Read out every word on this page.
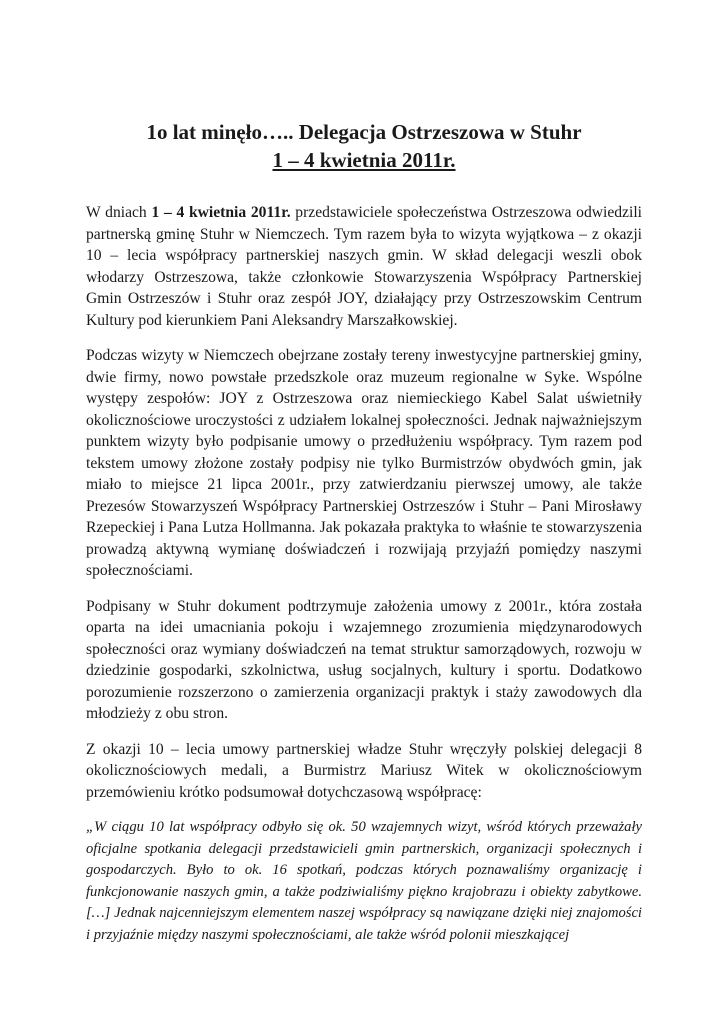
1o lat minęło….. Delegacja Ostrzeszowa w Stuhr
1 – 4 kwietnia 2011r.

W dniach 1 – 4 kwietnia 2011r. przedstawiciele społeczeństwa Ostrzeszowa odwiedzili partnerską gminę Stuhr w Niemczech. Tym razem była to wizyta wyjątkowa – z okazji 10 – lecia współpracy partnerskiej naszych gmin. W skład delegacji weszli obok włodarzy Ostrzeszowa, także członkowie Stowarzyszenia Współpracy Partnerskiej Gmin Ostrzeszów i Stuhr oraz zespół JOY, działający przy Ostrzeszowskim Centrum Kultury pod kierunkiem Pani Aleksandry Marszałkowskiej.

Podczas wizyty w Niemczech obejrzane zostały tereny inwestycyjne partnerskiej gminy, dwie firmy, nowo powstałe przedszkole oraz muzeum regionalne w Syke. Wspólne występy zespołów: JOY z Ostrzeszowa oraz niemieckiego Kabel Salat uświetniły okolicznościowe uroczystości z udziałem lokalnej społeczności. Jednak najważniejszym punktem wizyty było podpisanie umowy o przedłużeniu współpracy. Tym razem pod tekstem umowy złożone zostały podpisy nie tylko Burmistrzów obydwóch gmin, jak miało to miejsce 21 lipca 2001r., przy zatwierdzaniu pierwszej umowy, ale także Prezesów Stowarzyszeń Współpracy Partnerskiej Ostrzeszów i Stuhr – Pani Mirosławy Rzepeckiej i Pana Lutza Hollmanna. Jak pokazała praktyka to właśnie te stowarzyszenia prowadzą aktywną wymianę doświadczeń i rozwijają przyjaźń pomiędzy naszymi społecznościami.

Podpisany w Stuhr dokument podtrzymuje założenia umowy z 2001r., która została oparta na idei umacniania pokoju i wzajemnego zrozumienia międzynarodowych społeczności oraz wymiany doświadczeń na temat struktur samorządowych, rozwoju w dziedzinie gospodarki, szkolnictwa, usług socjalnych, kultury i sportu. Dodatkowo porozumienie rozszerzono o zamierzenia organizacji praktyk i staży zawodowych dla młodzieży z obu stron.

Z okazji 10 – lecia umowy partnerskiej władze Stuhr wręczyły polskiej delegacji 8 okolicznościowych medali, a Burmistrz Mariusz Witek w okolicznościowym przemówieniu krótko podsumował dotychczasową współpracę:

„W ciągu 10 lat współpracy odbyło się ok. 50 wzajemnych wizyt, wśród których przeważały oficjalne spotkania delegacji przedstawicieli gmin partnerskich, organizacji społecznych i gospodarczych. Było to ok. 16 spotkań, podczas których poznawaliśmy organizację i funkcjonowanie naszych gmin, a także podziwialiśmy piękno krajobrazu i obiekty zabytkowe. […] Jednak najcenniejszym elementem naszej współpracy są nawiązane dzięki niej znajomości i przyjaźnie między naszymi społecznościami, ale także wśród polonii mieszkającej
